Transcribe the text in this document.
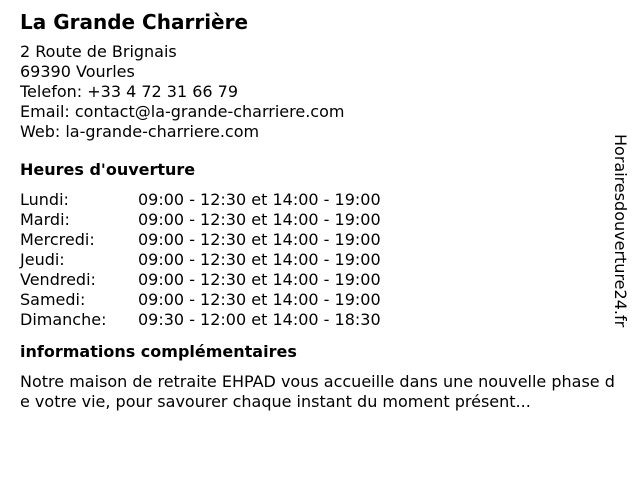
La Grande Charrière
2 Route de Brignais
69390 Vourles
Telefon: +33 4 72 31 66 79
Email: contact@la-grande-charriere.com
Web: la-grande-charriere.com
Heures d'ouverture
Lundi:	09:00 - 12:30 et 14:00 - 19:00
Mardi:	09:00 - 12:30 et 14:00 - 19:00
Mercredi:	09:00 - 12:30 et 14:00 - 19:00
Jeudi:	09:00 - 12:30 et 14:00 - 19:00
Vendredi:	09:00 - 12:30 et 14:00 - 19:00
Samedi:	09:00 - 12:30 et 14:00 - 19:00
Dimanche:	09:30 - 12:00 et 14:00 - 18:30
informations complémentaires
Notre maison de retraite EHPAD vous accueille dans une nouvelle phase de votre vie, pour savourer chaque instant du moment présent...
Horairesdouverture24.fr
